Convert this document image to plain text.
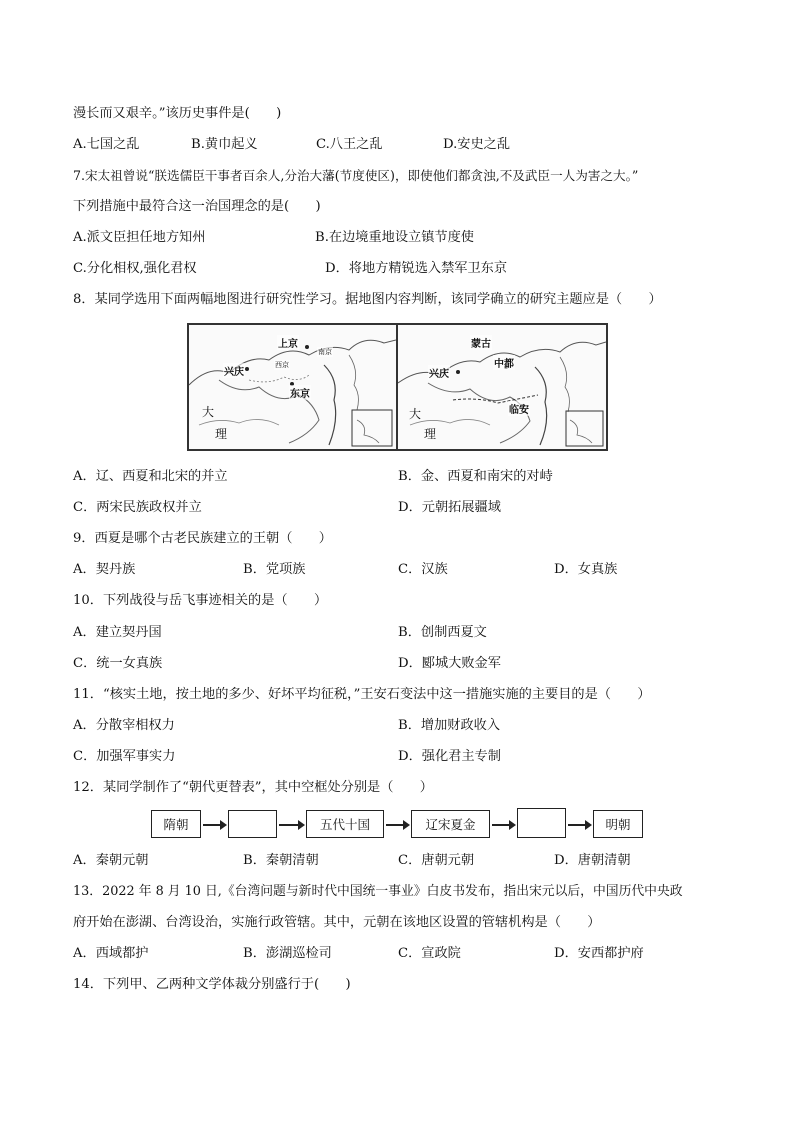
漫长而又艰辛。”该历史事件是(　　)
A.七国之乱	B.黄巾起义	C.八王之乱	D.安史之乱
7.宋太祖曾说“朕选儒臣干事者百余人,分治大藩(节度使区)，即使他们都贪浊,不及武臣一人为害之大。”
下列措施中最符合这一治国理念的是(　　)
A.派文臣担任地方知州	B.在边境重地设立镇节度使
C.分化相权,强化君权	D．将地方精锐选入禁军卫东京
8．某同学选用下面两幅地图进行研究性学习。据地图内容判断，该同学确立的研究主题应是（　　）
上京
兴庆
东京
大
理
西京
南京
蒙古
中都
兴庆
临安
大
理
A．辽、西夏和北宋的并立	B．金、西夏和南宋的对峙
C．两宋民族政权并立	D．元朝拓展疆域
9．西夏是哪个古老民族建立的王朝（　　）
A．契丹族	B．党项族	C．汉族	D．女真族
10．下列战役与岳飞事迹相关的是（　　）
A．建立契丹国	B．创制西夏文
C．统一女真族	D．郾城大败金军
11．“核实土地，按土地的多少、好坏平均征税，”王安石变法中这一措施实施的主要目的是（　　）
A．分散宰相权力	B．增加财政收入
C．加强军事实力	D．强化君主专制
12．某同学制作了“朝代更替表”，其中空框处分别是（　　）
隋朝	五代十国	辽宋夏金	明朝
A．秦朝元朝	B．秦朝清朝	C．唐朝元朝	D．唐朝清朝
13．2022 年 8 月 10 日,《台湾问题与新时代中国统一事业》白皮书发布，指出宋元以后，中国历代中央政
府开始在澎湖、台湾设治，实施行政管辖。其中，元朝在该地区设置的管辖机构是（　　）
A．西域都护	B．澎湖巡检司	C．宣政院	D．安西都护府
14．下列甲、乙两种文学体裁分别盛行于(　　)
